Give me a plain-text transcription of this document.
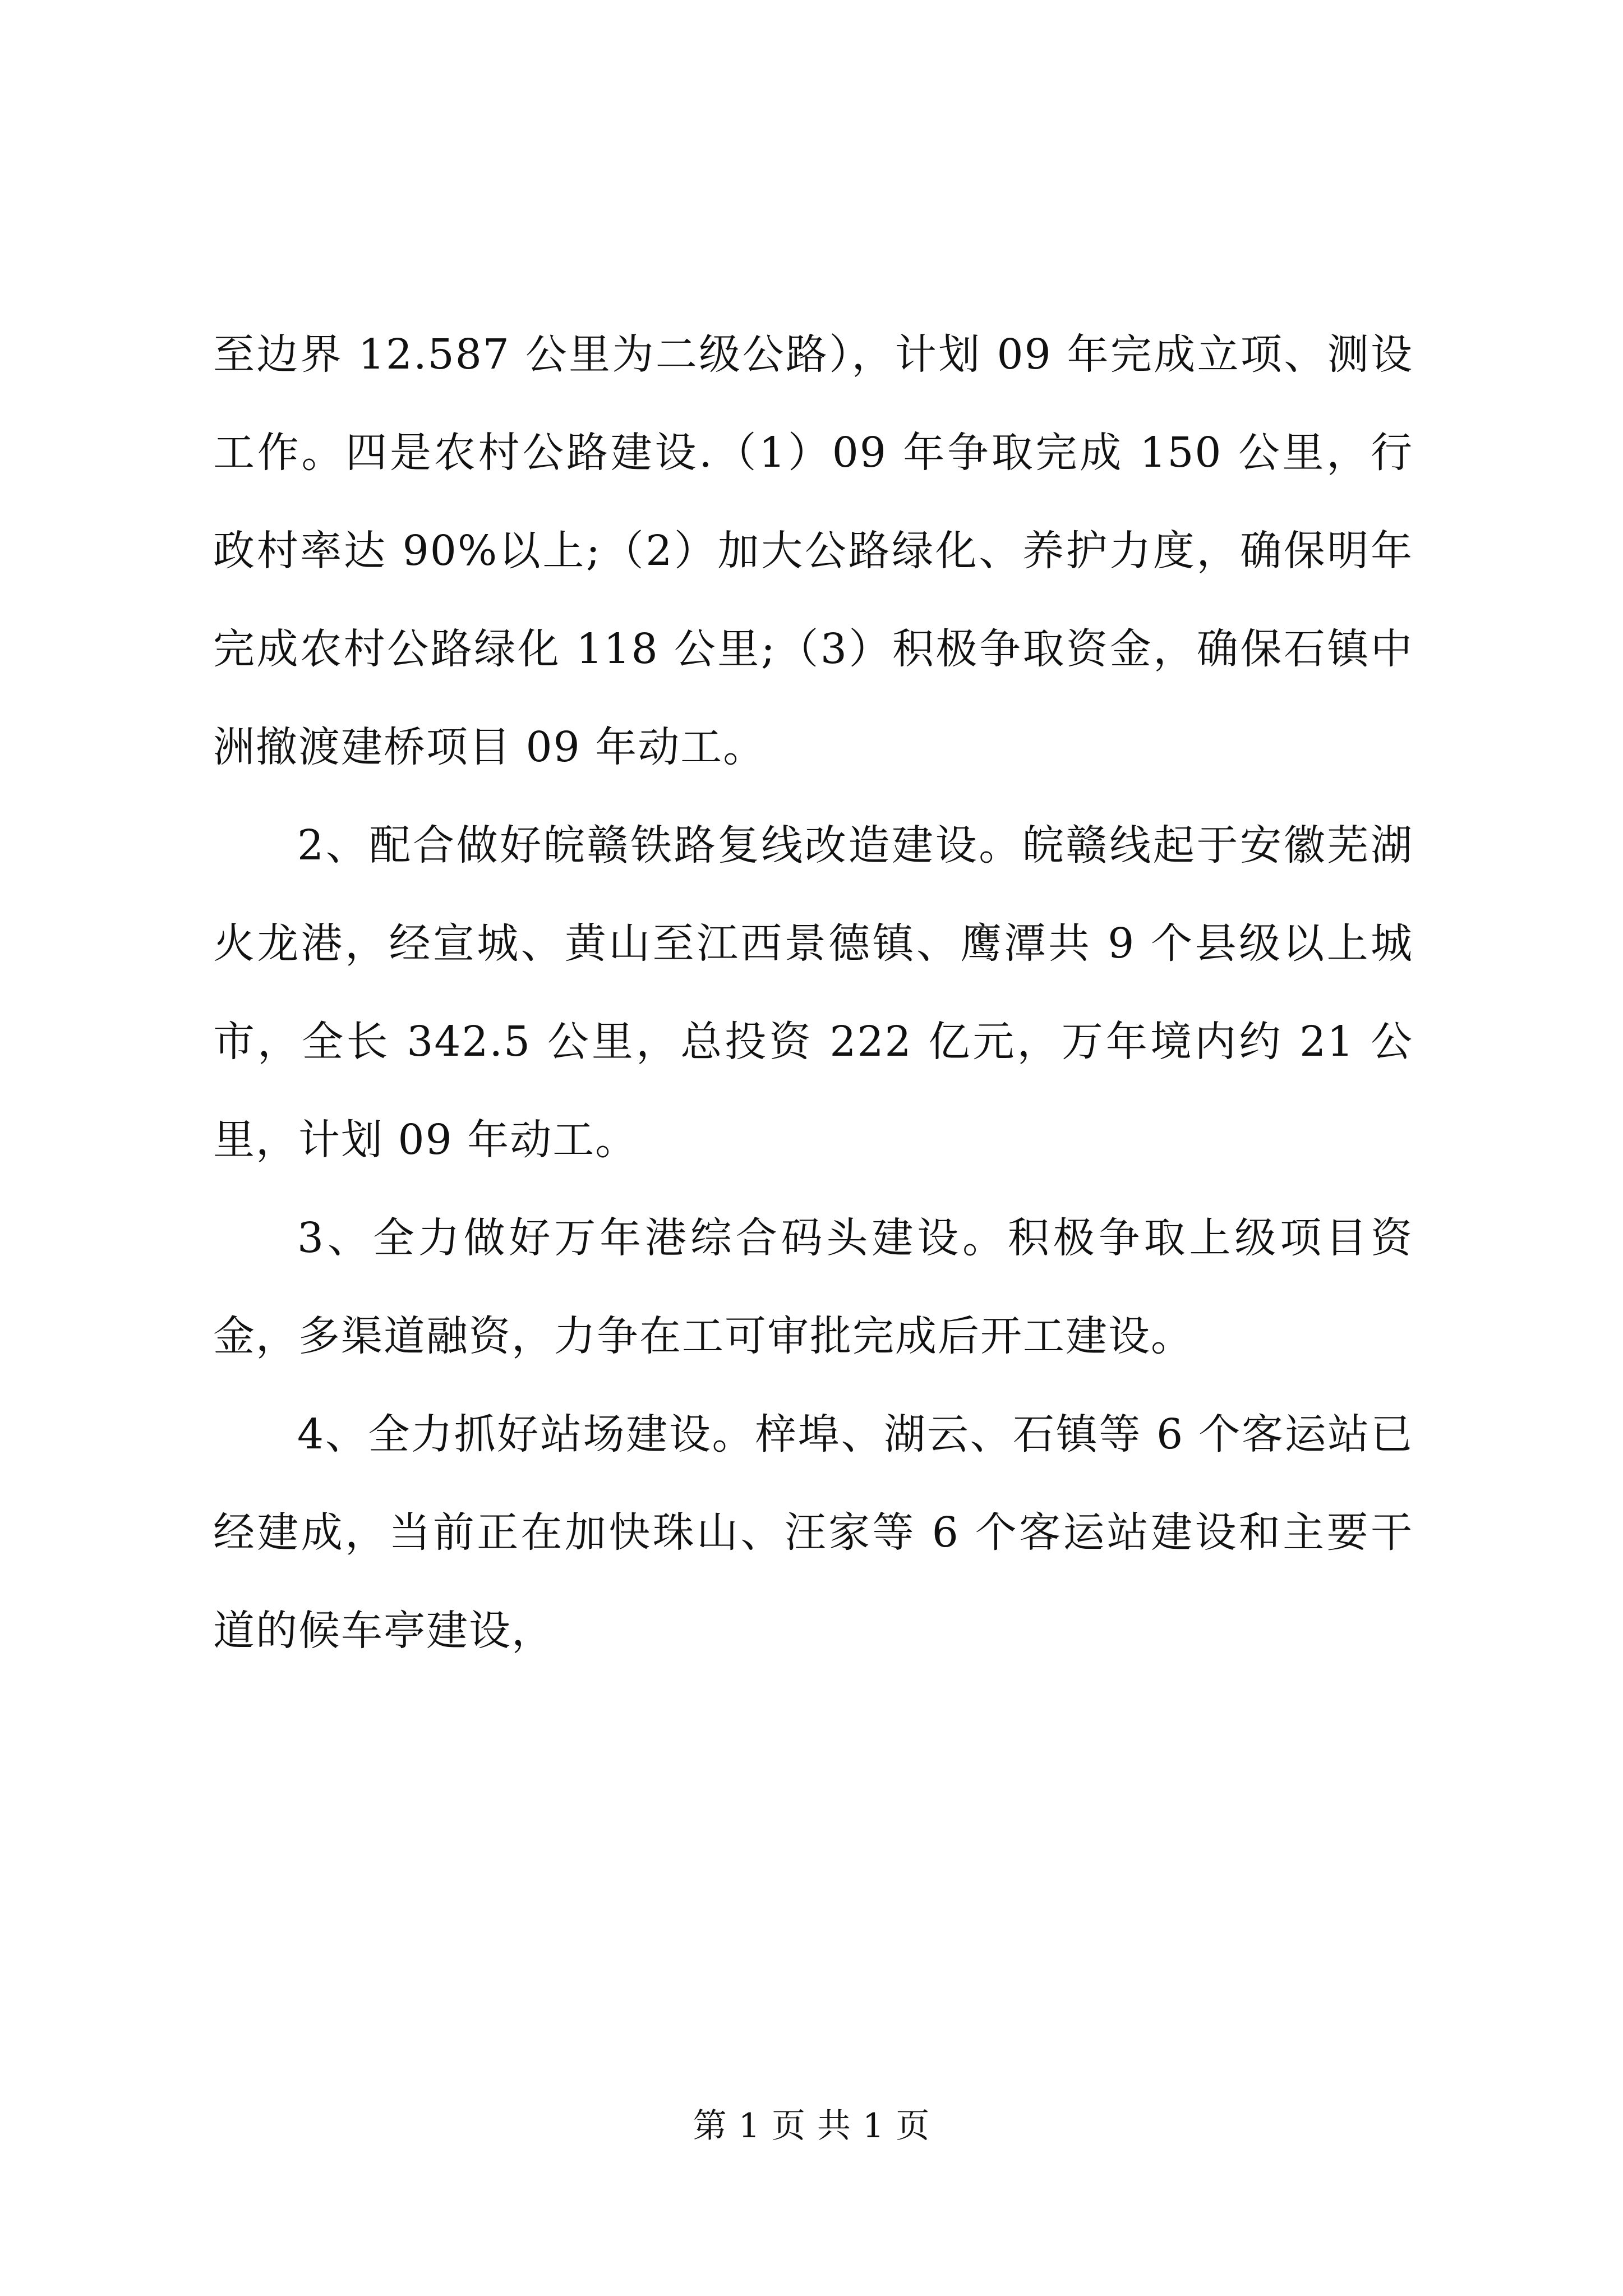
至边界 12.587 公里为二级公路），计划 09 年完成立项、测设工作。四是农村公路建设.（1）09 年争取完成 150 公里，行政村率达 90%以上;（2）加大公路绿化、养护力度，确保明年完成农村公路绿化 118 公里;（3）积极争取资金，确保石镇中洲撤渡建桥项目 09 年动工。

2、配合做好皖赣铁路复线改造建设。皖赣线起于安徽芜湖火龙港，经宣城、黄山至江西景德镇、鹰潭共 9 个县级以上城市，全长 342.5 公里，总投资 222 亿元，万年境内约 21 公里，计划 09 年动工。

3、全力做好万年港综合码头建设。积极争取上级项目资金，多渠道融资，力争在工可审批完成后开工建设。

4、全力抓好站场建设。梓埠、湖云、石镇等 6 个客运站已经建成，当前正在加快珠山、汪家等 6 个客运站建设和主要干道的候车亭建设，

第 1 页 共 1 页
